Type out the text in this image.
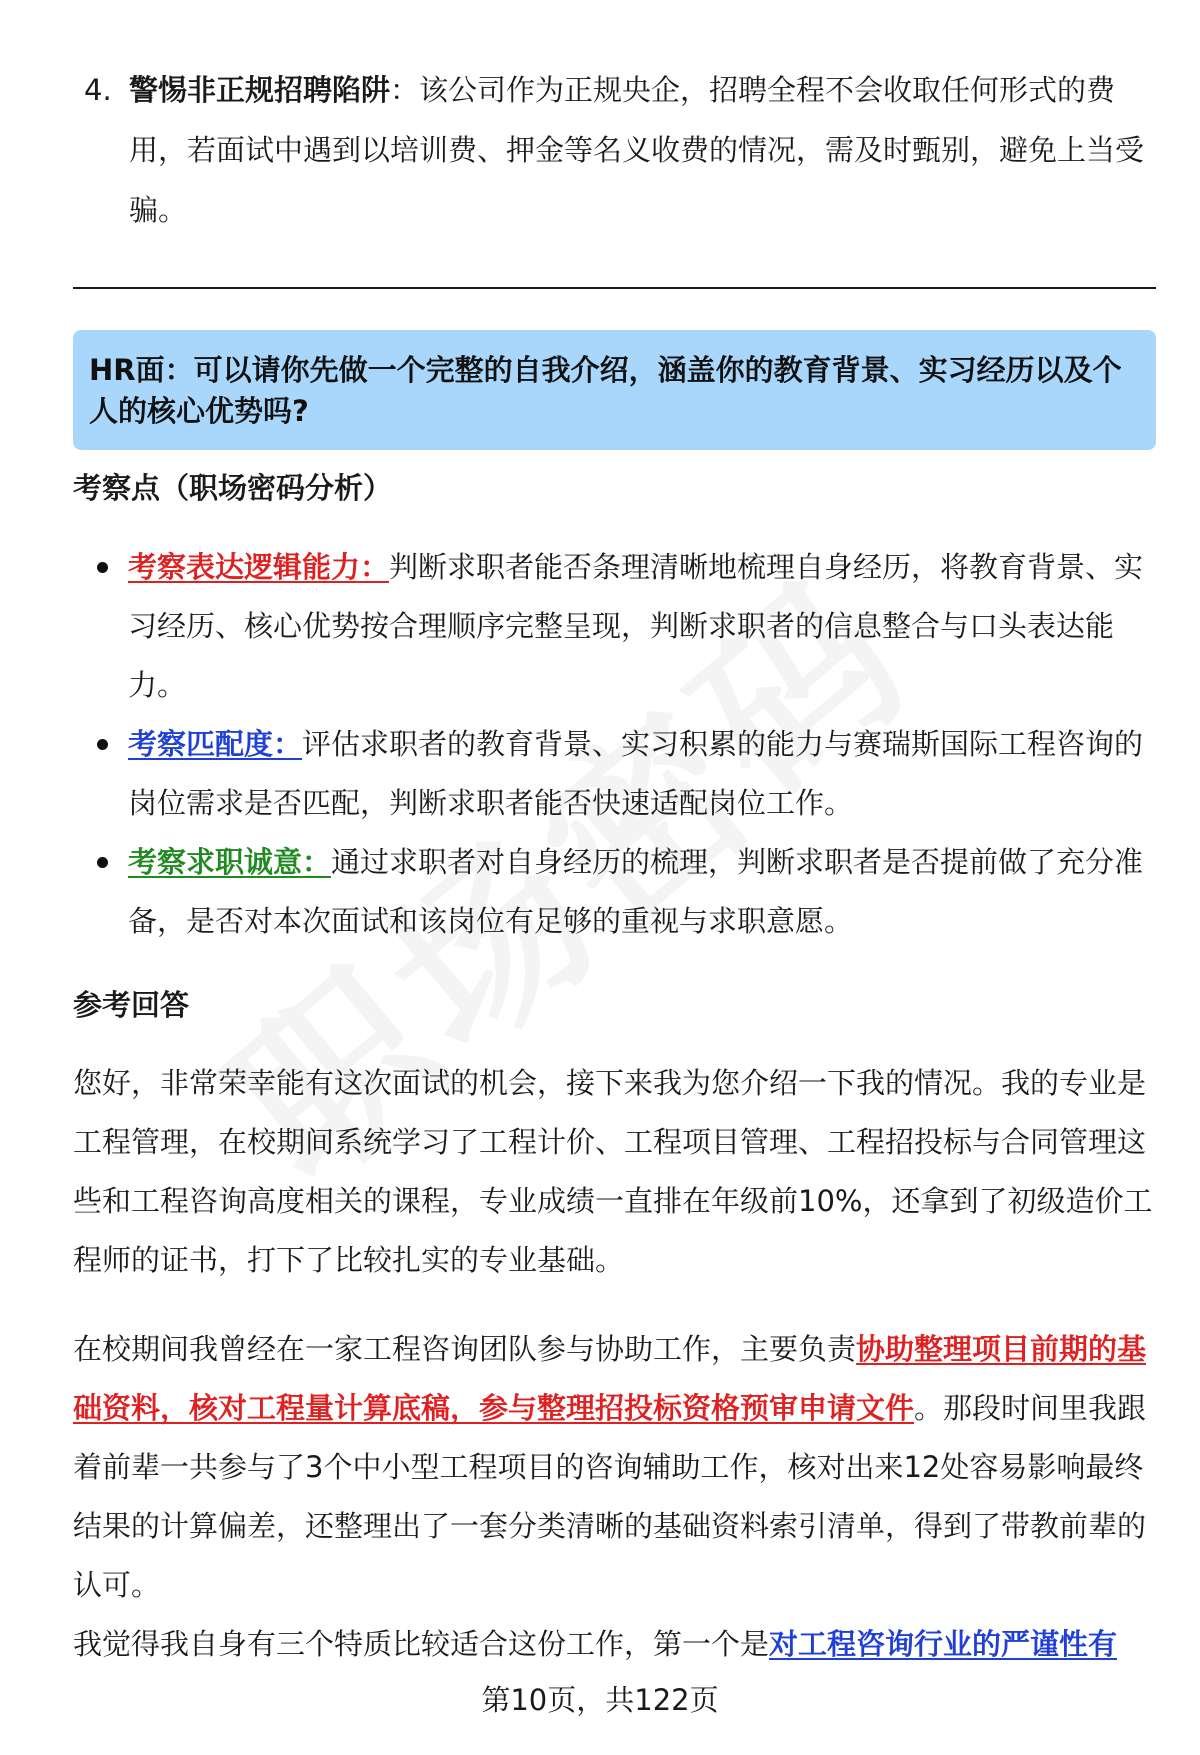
4. 警惕非正规招聘陷阱：该公司作为正规央企，招聘全程不会收取任何形式的费用，若面试中遇到以培训费、押金等名义收费的情况，需及时甄别，避免上当受骗。
HR面：可以请你先做一个完整的自我介绍，涵盖你的教育背景、实习经历以及个人的核心优势吗?
考察点（职场密码分析）
考察表达逻辑能力：判断求职者能否条理清晰地梳理自身经历，将教育背景、实习经历、核心优势按合理顺序完整呈现，判断求职者的信息整合与口头表达能力。
考察匹配度：评估求职者的教育背景、实习积累的能力与赛瑞斯国际工程咨询的岗位需求是否匹配，判断求职者能否快速适配岗位工作。
考察求职诚意：通过求职者对自身经历的梳理，判断求职者是否提前做了充分准备，是否对本次面试和该岗位有足够的重视与求职意愿。
参考回答
您好，非常荣幸能有这次面试的机会，接下来我为您介绍一下我的情况。我的专业是工程管理，在校期间系统学习了工程计价、工程项目管理、工程招投标与合同管理这些和工程咨询高度相关的课程，专业成绩一直排在年级前10%，还拿到了初级造价工程师的证书，打下了比较扎实的专业基础。
在校期间我曾经在一家工程咨询团队参与协助工作，主要负责协助整理项目前期的基础资料，核对工程量计算底稿，参与整理招投标资格预审申请文件。那段时间里我跟着前辈一共参与了3个中小型工程项目的咨询辅助工作，核对出来12处容易影响最终结果的计算偏差，还整理出了一套分类清晰的基础资料索引清单，得到了带教前辈的认可。
我觉得我自身有三个特质比较适合这份工作，第一个是对工程咨询行业的严谨性有
第10页，共122页
